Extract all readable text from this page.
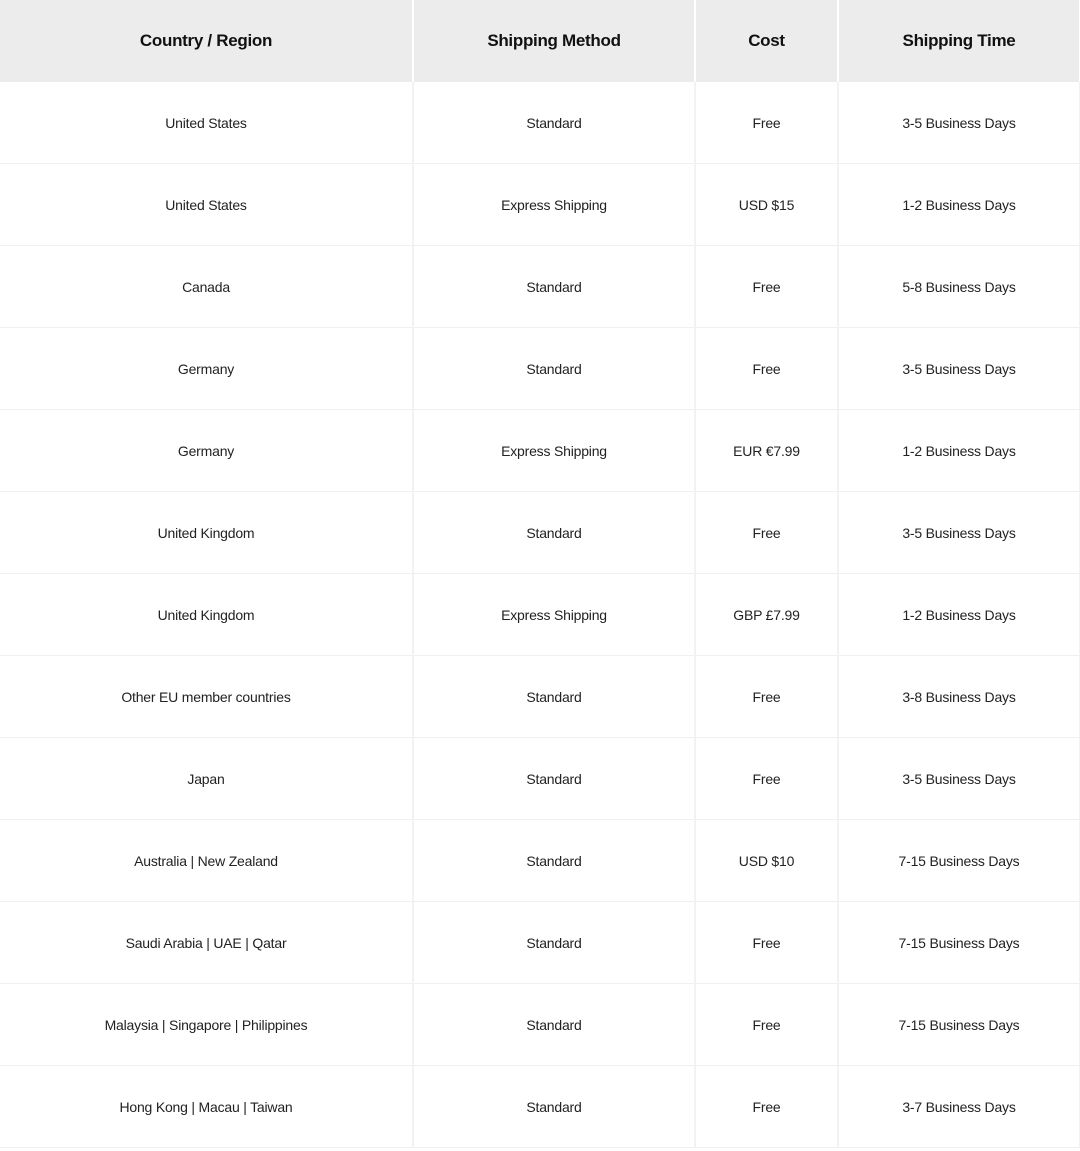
Country / Region	Shipping Method	Cost	Shipping Time
United States	Standard	Free	3-5 Business Days
United States	Express Shipping	USD $15	1-2 Business Days
Canada	Standard	Free	5-8 Business Days
Germany	Standard	Free	3-5 Business Days
Germany	Express Shipping	EUR €7.99	1-2 Business Days
United Kingdom	Standard	Free	3-5 Business Days
United Kingdom	Express Shipping	GBP £7.99	1-2 Business Days
Other EU member countries	Standard	Free	3-8 Business Days
Japan	Standard	Free	3-5 Business Days
Australia | New Zealand	Standard	USD $10	7-15 Business Days
Saudi Arabia | UAE | Qatar	Standard	Free	7-15 Business Days
Malaysia | Singapore | Philippines	Standard	Free	7-15 Business Days
Hong Kong | Macau | Taiwan	Standard	Free	3-7 Business Days
